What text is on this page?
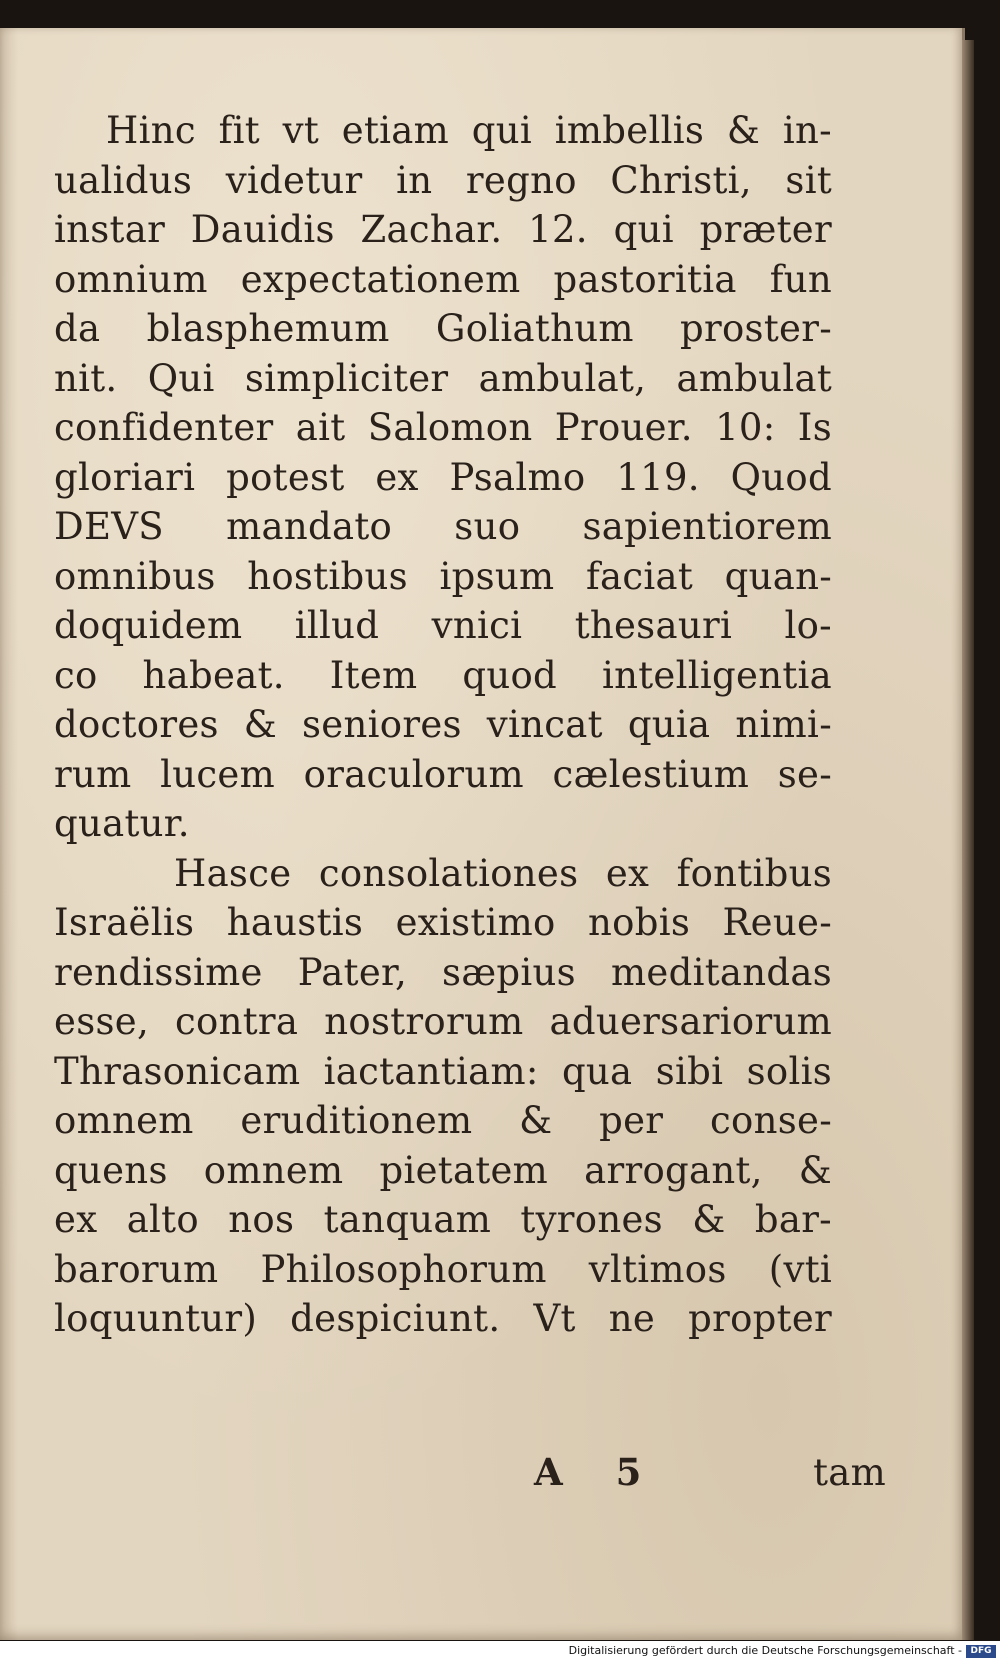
Hinc fit vt etiam qui imbellis & in-
ualidus videtur in regno Christi, sit
instar Dauidis Zachar. 12. qui præter
omnium expectationem pastoritia fun
da blasphemum Goliathum proster-
nit. Qui simpliciter ambulat, ambulat
confidenter ait Salomon Prouer. 10: Is
gloriari potest ex Psalmo 119. Quod
DEVS mandato suo sapientiorem
omnibus hostibus ipsum faciat quan-
doquidem illud vnici thesauri lo-
co habeat. Item quod intelligentia
doctores & seniores vincat quia nimi-
rum lucem oraculorum cælestium se-
quatur.
Hasce consolationes ex fontibus
Israëlis haustis existimo nobis Reue-
rendissime Pater, sæpius meditandas
esse, contra nostrorum aduersariorum
Thrasonicam iactantiam: qua sibi solis
omnem eruditionem & per conse-
quens omnem pietatem arrogant, &
ex alto nos tanquam tyrones & bar-
barorum Philosophorum vltimos (vti
loquuntur) despiciunt. Vt ne propter
A 5	tam
Digitalisierung gefördert durch die Deutsche Forschungsgemeinschaft - DFG
